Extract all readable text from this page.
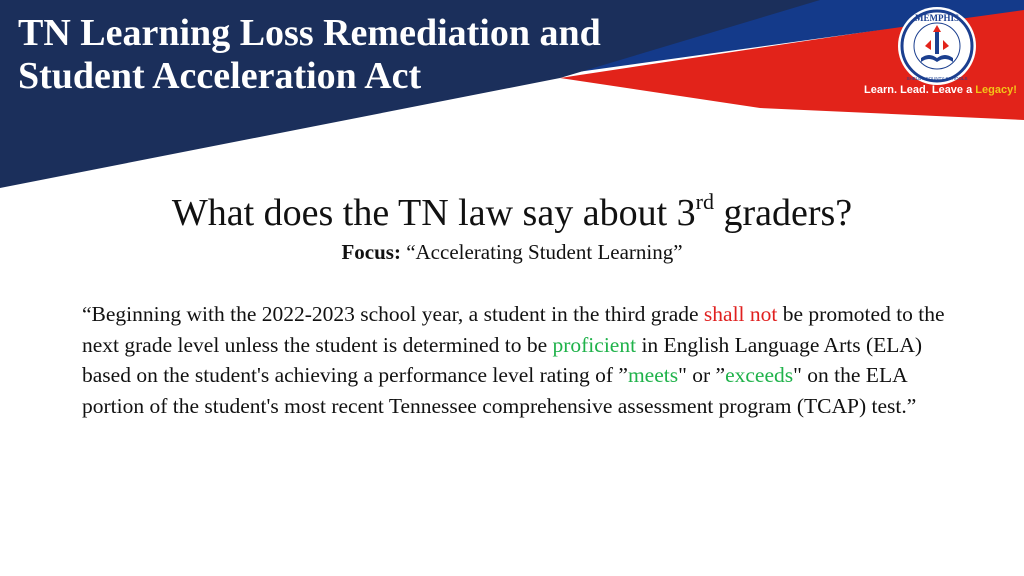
TN Learning Loss Remediation and
Student Acceleration Act
MEMPHIS
SHELBY COUNTY SCHOOLS
Learn. Lead. Leave a Legacy!
What does the TN law say about 3rd graders?
Focus: “Accelerating Student Learning”

“Beginning with the 2022-2023 school year, a student in the third grade shall not be promoted to the next grade level unless the student is determined to be proficient in English Language Arts (ELA) based on the student's achieving a performance level rating of ”meets" or ”exceeds" on the ELA portion of the student's most recent Tennessee comprehensive assessment program (TCAP) test.”
